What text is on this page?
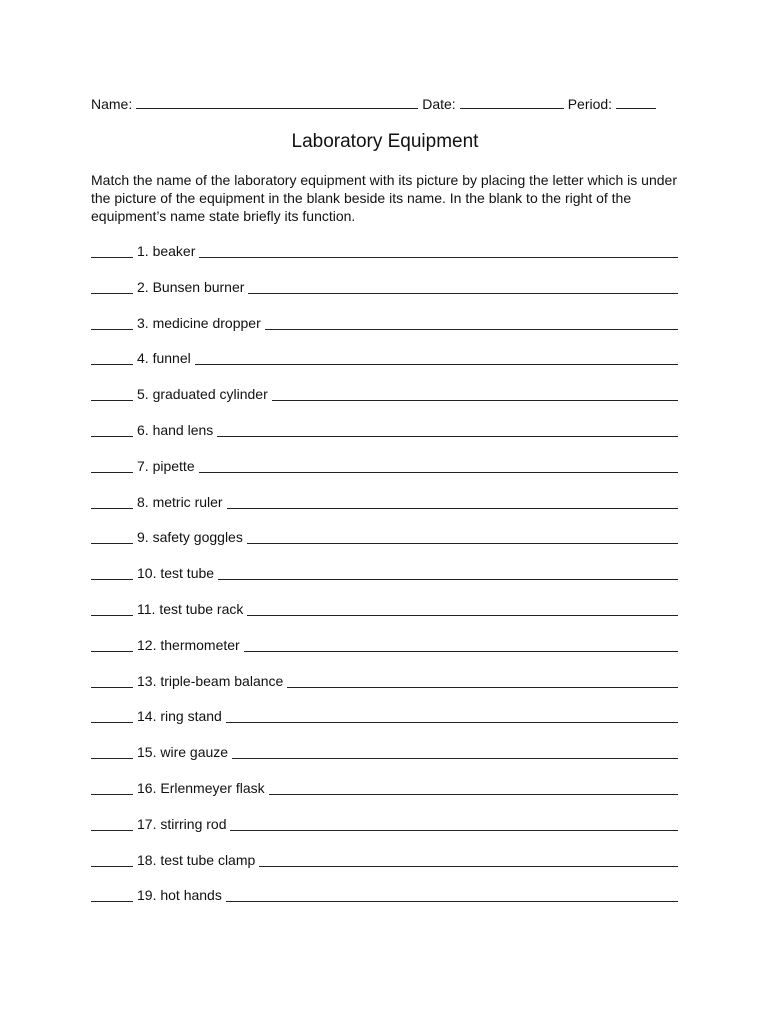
Name:	Date:	Period:
Laboratory Equipment
Match the name of the laboratory equipment with its picture by placing the letter which is under the picture of the equipment in the blank beside its name. In the blank to the right of the equipment’s name state briefly its function.
1. beaker
2. Bunsen burner
3. medicine dropper
4. funnel
5. graduated cylinder
6. hand lens
7. pipette
8. metric ruler
9. safety goggles
10. test tube
11. test tube rack
12. thermometer
13. triple-beam balance
14. ring stand
15. wire gauze
16. Erlenmeyer flask
17. stirring rod
18. test tube clamp
19. hot hands
